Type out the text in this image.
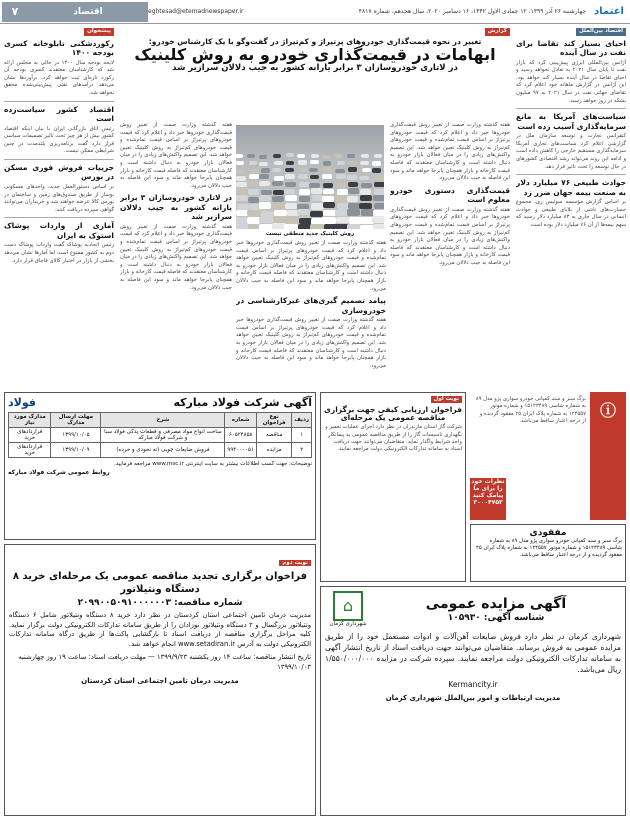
اعتماد
چهارشنبه ۲۶ آذر ۱۳۹۹، ۱۲ جمادی الاول ۱۴۴۲، ۱۶ دسامبر ۲۰۲۰، سال هجدهم، شماره ۴۸۱۷
eghtesad@etemadnewspaper.ir
اقتصاد
۷
اقتصاد بین‌الملل
احیای بسیار کند تقاضا برای نفت در سال آینده
آژانس بین‌المللی انرژی پیش‌بینی کرد که بازار نفت تا پایان سال ۲۰۲۱ به تعادل نخواهد رسید و احیای تقاضا در سال آینده بسیار کند خواهد بود. این آژانس در گزارش ماهانه خود اعلام کرد که تقاضای جهانی نفت در سال ۲۰۲۱ به ۹۷ میلیون بشکه در روز خواهد رسید.
سیاست‌های آمریکا به مانع سرمایه‌گذاری آسیب زده است
کنفرانس تجارت و توسعه سازمان ملل در گزارشی اعلام کرد سیاست‌های تجاری آمریکا سرمایه‌گذاری مستقیم خارجی را کاهش داده است و ادامه این روند می‌تواند رشد اقتصادی کشورهای در حال توسعه را تحت تاثیر قرار دهد.
حوادث طبیعی ۷۶ میلیارد دلار به صنعت بیمه جهان ضرر زد
بر اساس گزارش مؤسسه سوئیس ری، مجموع خسارت‌های ناشی از بلایای طبیعی و حوادث انسانی در سال جاری به ۸۳ میلیارد دلار رسید که سهم بیمه‌ها از آن ۷۶ میلیارد دلار بوده است.
پیشخوان
رکوردشکنی تابلوخانه کسری بودجه ۱۴۰۰
لایحه بودجه سال ۱۴۰۰ در حالی به مجلس ارائه شد که کارشناسان معتقدند کسری بودجه آن رکورد تازه‌ای ثبت خواهد کرد. برآوردها نشان می‌دهد درآمدهای نفتی پیش‌بینی‌شده محقق نخواهد شد.
اقتصاد کشور سیاست‌زده است
رئیس اتاق بازرگانی ایران با بیان اینکه اقتصاد کشور بیش از هر چیز تحت تاثیر تصمیمات سیاسی قرار دارد گفت برنامه‌ریزی بلندمدت در چنین شرایطی ممکن نیست.
جزییات فروش فوری مسکن در بورس
بر اساس دستورالعمل جدید، واحدهای مسکونی نوساز از طریق صندوق‌های زمین و ساختمان در بورس کالا عرضه خواهند شد و خریداران می‌توانند گواهی سپرده دریافت کنند.
آماری از واردات پوشاک استوک به ایران
رئیس اتحادیه پوشاک گفت واردات پوشاک دست دوم به کشور ممنوع است اما آمارها نشان می‌دهد بخشی از بازار در اختیار کالای قاچاق قرار دارد.
گزارش
تغییر در نحوه قیمت‌گذاری خودروهای پرتیراژ و کم‌تیراژ در گفت‌وگو با یک کارشناس خودرو:
ابهامات در قیمت‌گذاری خودرو به روش کلینیک
در لاتاری خودروسازان ۳ برابر یارانه کشور به جیب دلالان سرازیر شد
هفته گذشته وزارت صمت از تغییر روش قیمت‌گذاری خودروها خبر داد و اعلام کرد که قیمت خودروهای پرتیراژ بر اساس قیمت تمام‌شده و قیمت خودروهای کم‌تیراژ به روش کلینیک تعیین خواهد شد. این تصمیم واکنش‌های زیادی را در میان فعالان بازار خودرو به دنبال داشته است و کارشناسان معتقدند که فاصله قیمت کارخانه و بازار همچنان پابرجا خواهد ماند و سود این فاصله به جیب دلالان می‌رود.
قیمت‌گذاری دستوری خودرو معلوم است
هفته گذشته وزارت صمت از تغییر روش قیمت‌گذاری خودروها خبر داد و اعلام کرد که قیمت خودروهای پرتیراژ بر اساس قیمت تمام‌شده و قیمت خودروهای کم‌تیراژ به روش کلینیک تعیین خواهد شد. این تصمیم واکنش‌های زیادی را در میان فعالان بازار خودرو به دنبال داشته است و کارشناسان معتقدند که فاصله قیمت کارخانه و بازار همچنان پابرجا خواهد ماند و سود این فاصله به جیب دلالان می‌رود.
روش کلینیک جدید منطقی نیست
هفته گذشته وزارت صمت از تغییر روش قیمت‌گذاری خودروها خبر داد و اعلام کرد که قیمت خودروهای پرتیراژ بر اساس قیمت تمام‌شده و قیمت خودروهای کم‌تیراژ به روش کلینیک تعیین خواهد شد. این تصمیم واکنش‌های زیادی را در میان فعالان بازار خودرو به دنبال داشته است و کارشناسان معتقدند که فاصله قیمت کارخانه و بازار همچنان پابرجا خواهد ماند و سود این فاصله به جیب دلالان می‌رود.
پیامد تصمیم ‌گیری‌های غیرکارشناسی در خودروسازی
هفته گذشته وزارت صمت از تغییر روش قیمت‌گذاری خودروها خبر داد و اعلام کرد که قیمت خودروهای پرتیراژ بر اساس قیمت تمام‌شده و قیمت خودروهای کم‌تیراژ به روش کلینیک تعیین خواهد شد. این تصمیم واکنش‌های زیادی را در میان فعالان بازار خودرو به دنبال داشته است و کارشناسان معتقدند که فاصله قیمت کارخانه و بازار همچنان پابرجا خواهد ماند و سود این فاصله به جیب دلالان می‌رود.
هفته گذشته وزارت صمت از تغییر روش قیمت‌گذاری خودروها خبر داد و اعلام کرد که قیمت خودروهای پرتیراژ بر اساس قیمت تمام‌شده و قیمت خودروهای کم‌تیراژ به روش کلینیک تعیین خواهد شد. این تصمیم واکنش‌های زیادی را در میان فعالان بازار خودرو به دنبال داشته است و کارشناسان معتقدند که فاصله قیمت کارخانه و بازار همچنان پابرجا خواهد ماند و سود این فاصله به جیب دلالان می‌رود.
در لاتاری خودروسازان ۳ برابر یارانه کشور به جیب دلالان سرازیر شد
هفته گذشته وزارت صمت از تغییر روش قیمت‌گذاری خودروها خبر داد و اعلام کرد که قیمت خودروهای پرتیراژ بر اساس قیمت تمام‌شده و قیمت خودروهای کم‌تیراژ به روش کلینیک تعیین خواهد شد. این تصمیم واکنش‌های زیادی را در میان فعالان بازار خودرو به دنبال داشته است و کارشناسان معتقدند که فاصله قیمت کارخانه و بازار همچنان پابرجا خواهد ماند و سود این فاصله به جیب دلالان می‌رود.
آگهی شرکت فولاد مبارکه
فولاد
ردیف	نوع فراخوان	شماره	شرح	مهلت ارسال مدارک	مدارک مورد نیاز
۱	مناقصه	۶۰۵۲۴۸۵۸	ساخت انواع مواد مصرفی و قطعات یدکی فولاد سبا و شرکت فولاد مبارکه	۱۳۹۹/۱۰/۰۵	قراردادهای خرید
۲	مزایده	۹۹۴۰۰۰۰۵۱	فروش ضایعات چوبی (ته نخودی و خرده)	۱۳۹۹/۱۰/۰۹	قراردادهای خرید
توضیحات: جهت کسب اطلاعات بیشتر به سایت اینترنتی www.msc.ir مراجعه فرمایید.
روابط عمومی شرکت فولاد مبارکه
نوبت اول
فراخوان ارزیابی کیفی جهت برگزاری مناقصه عمومی یک مرحله‌ای
شرکت گاز استان مازندران در نظر دارد اجرای عملیات تعمیر و نگهداری تاسیسات گاز را از طریق مناقصه عمومی به پیمانکار واجد شرایط واگذار نماید. متقاضیان می‌توانند جهت دریافت اسناد به سامانه تدارکات الکترونیکی دولت مراجعه نمایند.
ⓘ
برگ سبز و سند کمپانی خودرو سواری پژو مدل ۸۹ به شماره شاسی ۱۵۱۲۳۴۸۹ و شماره موتور ۱۲۴۵۵۷ به شماره پلاک ایران ۲۵ مفقود گردیده و از درجه اعتبار ساقط می‌باشد.
نظرات خود را برای ما پیامک کنید
۳۰۰۰۴۷۵۳
مفقودی
برگ سبز و سند کمپانی خودرو سواری پژو مدل ۸۹ به شماره شاسی ۱۵۱۲۳۴۸۹ و شماره موتور ۱۲۴۵۵۷ به شماره پلاک ایران ۲۵ مفقود گردیده و از درجه اعتبار ساقط می‌باشد.
نوبت دوم
فراخوان برگزاری تجدید مناقصه عمومی یک مرحله‌ای خرید ۸ دستگاه ونتیلاتور
شماره مناقصه: ۲۰۹۹۰۰۵۰۹۱۰۰۰۰۰۰۳
مدیریت درمان تامین اجتماعی استان کردستان در نظر دارد خرید ۸ دستگاه ونتیلاتور شامل ۶ دستگاه ونتیلاتور بزرگسال و ۲ دستگاه ونتیلاتور نوزادان را از طریق سامانه تدارکات الکترونیکی دولت برگزار نماید. کلیه مراحل برگزاری مناقصه از دریافت اسناد تا بازگشایی پاکت‌ها از طریق درگاه سامانه تدارکات الکترونیکی دولت به آدرس www.setadiran.ir انجام خواهد شد.
تاریخ انتشار مناقصه: ساعت ۱۴ روز یکشنبه ۱۳۹۹/۹/۲۳ — مهلت دریافت اسناد: ساعت ۱۹ روز چهارشنبه ۱۳۹۹/۱۰/۰۳
مدیریت درمان تامین اجتماعی استان کردستان
آگهی مزایده عمومی
شناسه آگهی: ۱۰۵۹۳۰
⌂
شهرداری کرمان
شهرداری کرمان در نظر دارد فروش ضایعات آهن‌آلات و ادوات مستعمل خود را از طریق مزایده عمومی به فروش برساند. متقاضیان می‌توانند جهت دریافت اسناد از تاریخ انتشار آگهی به سامانه تدارکات الکترونیکی دولت مراجعه نمایند. سپرده شرکت در مزایده ۱/۵۵۰/۰۰۰/۰۰۰ ریال می‌باشد.
Kermancity.ir
مدیریت ارتباطات و امور بین‌الملل شهرداری کرمان
